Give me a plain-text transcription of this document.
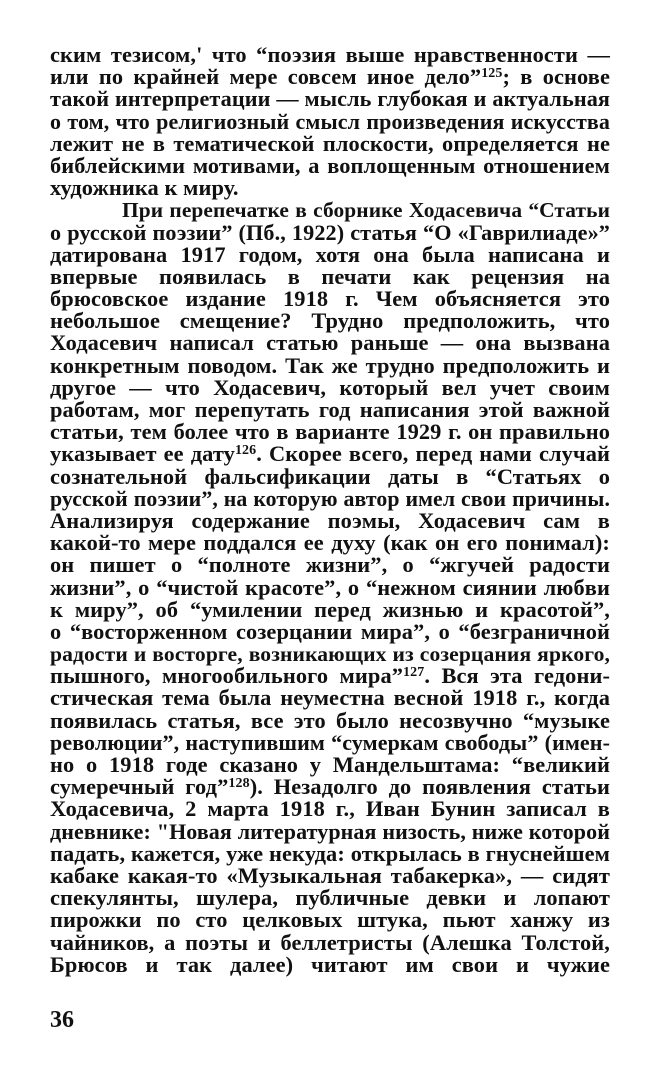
ским тезисом,' что “поэзия выше нравственности —
или по крайней мере совсем иное дело”$^{125}$; в основе
такой интерпретации — мысль глубокая и актуальная
о том, что религиозный смысл произведения искусства
лежит не в тематической плоскости, определяется не
библейскими мотивами, а воплощенным отношением
художника к миру.
При перепечатке в сборнике Ходасевича “Статьи
о русской поэзии” (Пб., 1922) статья “О «Гаврилиаде»”
датирована 1917 годом, хотя она была написана и
впервые появилась в печати как рецензия на
брюсовское издание 1918 г. Чем объясняется это
небольшое смещение? Трудно предположить, что
Ходасевич написал статью раньше — она вызвана
конкретным поводом. Так же трудно предположить и
другое — что Ходасевич, который вел учет своим
работам, мог перепутать год написания этой важной
статьи, тем более что в варианте 1929 г. он правильно
указывает ее дату$^{126}$. Скорее всего, перед нами случай
сознательной фальсификации даты в “Статьях о
русской поэзии”, на которую автор имел свои причины.
Анализируя содержание поэмы, Ходасевич сам в
какой-то мере поддался ее духу (как он его понимал):
он пишет о “полноте жизни”, о “жгучей радости
жизни”, о “чистой красоте”, о “нежном сиянии любви
к миру”, об “умилении перед жизнью и красотой”,
о “восторженном созерцании мира”, о “безграничной
радости и восторге, возникающих из созерцания яркого,
пышного, многообильного мира”$^{127}$. Вся эта гедони-
стическая тема была неуместна весной 1918 г., когда
появилась статья, все это было несозвучно “музыке
революции”, наступившим “сумеркам свободы” (имен-
но о 1918 годе сказано у Мандельштама: “великий
сумеречный год”$^{128}$). Незадолго до появления статьи
Ходасевича, 2 марта 1918 г., Иван Бунин записал в
дневнике: "Новая литературная низость, ниже которой
падать, кажется, уже некуда: открылась в гнуснейшем
кабаке какая-то «Музыкальная табакерка», — сидят
спекулянты, шулера, публичные девки и лопают
пирожки по сто целковых штука, пьют ханжу из
чайников, а поэты и беллетристы (Алешка Толстой,
Брюсов и так далее) читают им свои и чужие
36
